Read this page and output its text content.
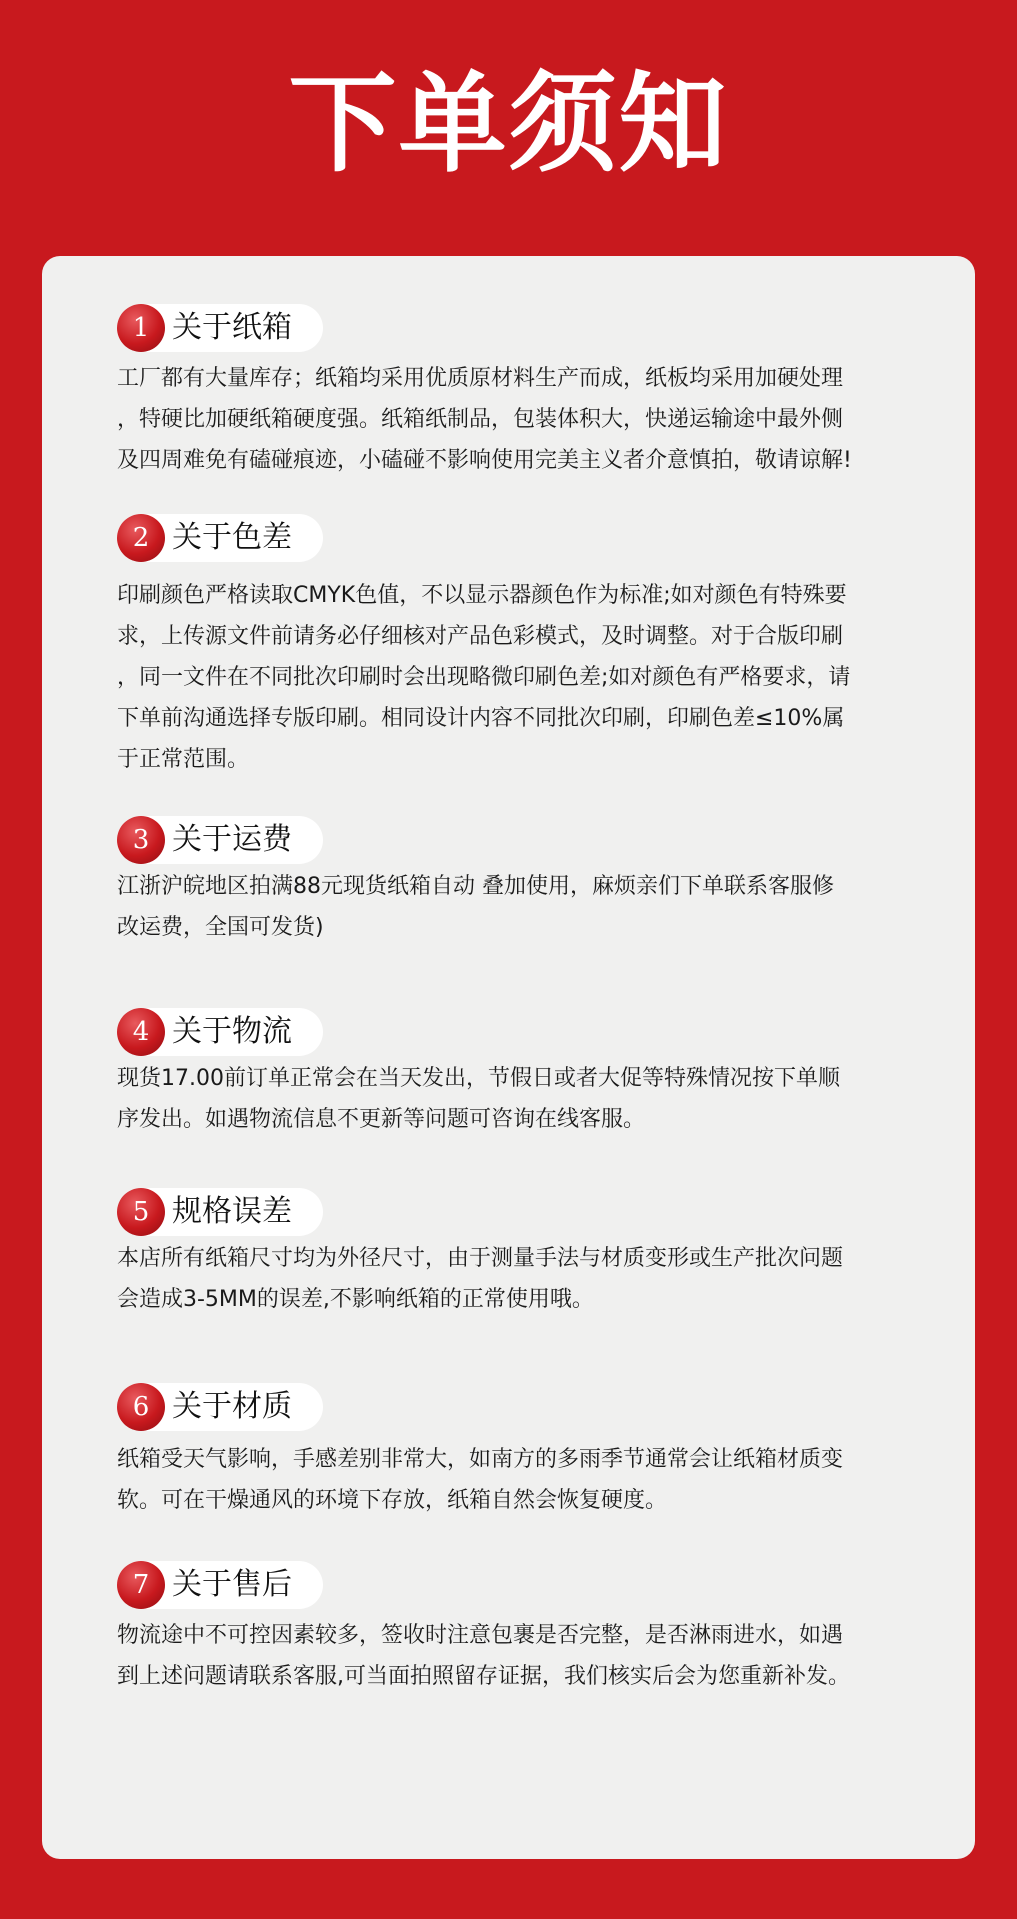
下单须知
1 关于纸箱
工厂都有大量库存；纸箱均采用优质原材料生产而成，纸板均采用加硬处理
，特硬比加硬纸箱硬度强。纸箱纸制品，包装体积大，快递运输途中最外侧
及四周难免有磕碰痕迹，小磕碰不影响使用完美主义者介意慎拍，敬请谅解!
2 关于色差
印刷颜色严格读取CMYK色值，不以显示器颜色作为标准;如对颜色有特殊要
求，上传源文件前请务必仔细核对产品色彩模式，及时调整。对于合版印刷
，同一文件在不同批次印刷时会出现略微印刷色差;如对颜色有严格要求，请
下单前沟通选择专版印刷。相同设计内容不同批次印刷，印刷色差≤10%属
于正常范围。
3 关于运费
江浙沪皖地区拍满88元现货纸箱自动 叠加使用，麻烦亲们下单联系客服修
改运费，全国可发货)
4 关于物流
现货17.00前订单正常会在当天发出，节假日或者大促等特殊情况按下单顺
序发出。如遇物流信息不更新等问题可咨询在线客服。
5 规格误差
本店所有纸箱尺寸均为外径尺寸，由于测量手法与材质变形或生产批次问题
会造成3-5MM的误差,不影响纸箱的正常使用哦。
6 关于材质
纸箱受天气影响，手感差别非常大，如南方的多雨季节通常会让纸箱材质变
软。可在干燥通风的环境下存放，纸箱自然会恢复硬度。
7 关于售后
物流途中不可控因素较多，签收时注意包裹是否完整，是否淋雨进水，如遇
到上述问题请联系客服,可当面拍照留存证据，我们核实后会为您重新补发。
